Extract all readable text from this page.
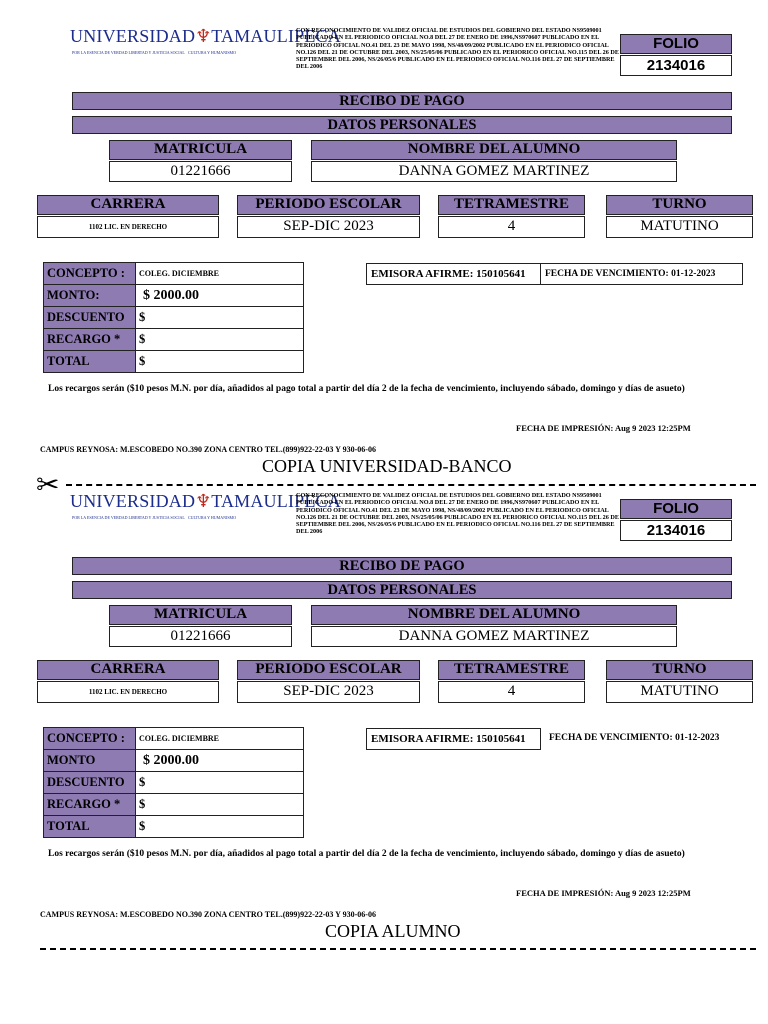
UNIVERSIDAD♆TAMAULIPECA
POR LA ESENCIA DE VERDAD LIBERTAD Y JUSTICIA SOCIAL CULTURA Y HUMANISMO
CON RECONOCIMIENTO DE VALIDEZ OFICIAL DE ESTUDIOS DEL GOBIERNO DEL ESTADO NS9509001 PUBLICADO EN EL PERIODICO OFICIAL NO.8 DEL 27 DE ENERO DE 1996,NS970607 PUBLICADO EN EL PERIODICO OFICIAL NO.41 DEL 23 DE MAYO 1998, NS/48/09/2002 PUBLICADO EN EL PERIODICO OFICIAL NO.126 DEL 21 DE OCTUBRE DEL 2003, NS/25/05/06 PUBLICADO EN EL PERIORICO OFICIAL NO.115 DEL 26 DE SEPTIEMBRE DEL 2006, NS/26/05/6 PUBLICADO EN EL PERIODICO OFICIAL NO.116 DEL 27 DE SEPTIEMBRE DEL 2006
FOLIO
2134016
RECIBO DE PAGO
DATOS PERSONALES
MATRICULA
01221666
NOMBRE DEL ALUMNO
DANNA GOMEZ MARTINEZ
CARRERA
1102 LIC. EN DERECHO
PERIODO ESCOLAR
SEP-DIC 2023
TETRAMESTRE
4
TURNO
MATUTINO
CONCEPTO :	COLEG. DICIEMBRE
MONTO:	$ 2000.00
DESCUENTO	$
RECARGO *	$
TOTAL	$
EMISORA AFIRME: 150105641	FECHA DE VENCIMIENTO: 01-12-2023
Los recargos serán ($10 pesos M.N. por día, añadidos al pago total a partir del día 2 de la fecha de vencimiento, incluyendo sábado, domingo y días de asueto)
FECHA DE IMPRESIÓN: Aug 9 2023 12:25PM
CAMPUS REYNOSA: M.ESCOBEDO NO.390 ZONA CENTRO TEL.(899)922-22-03 Y 930-06-06
COPIA UNIVERSIDAD-BANCO
✂ UNIVERSIDAD♆TAMAULIPECA
POR LA ESENCIA DE VERDAD LIBERTAD Y JUSTICIA SOCIAL CULTURA Y HUMANISMO
CON RECONOCIMIENTO DE VALIDEZ OFICIAL DE ESTUDIOS DEL GOBIERNO DEL ESTADO NS9509001 PUBLICADO EN EL PERIODICO OFICIAL NO.8 DEL 27 DE ENERO DE 1996,NS970607 PUBLICADO EN EL PERIODICO OFICIAL NO.41 DEL 23 DE MAYO 1998, NS/48/09/2002 PUBLICADO EN EL PERIODICO OFICIAL NO.126 DEL 21 DE OCTUBRE DEL 2003, NS/25/05/06 PUBLICADO EN EL PERIORICO OFICIAL NO.115 DEL 26 DE SEPTIEMBRE DEL 2006, NS/26/05/6 PUBLICADO EN EL PERIODICO OFICIAL NO.116 DEL 27 DE SEPTIEMBRE DEL 2006
FOLIO
2134016
RECIBO DE PAGO
DATOS PERSONALES
MATRICULA
01221666
NOMBRE DEL ALUMNO
DANNA GOMEZ MARTINEZ
CARRERA
1102 LIC. EN DERECHO
PERIODO ESCOLAR
SEP-DIC 2023
TETRAMESTRE
4
TURNO
MATUTINO
CONCEPTO :	COLEG. DICIEMBRE
MONTO	$ 2000.00
DESCUENTO	$
RECARGO *	$
TOTAL	$
EMISORA AFIRME: 150105641	FECHA DE VENCIMIENTO: 01-12-2023
Los recargos serán ($10 pesos M.N. por día, añadidos al pago total a partir del día 2 de la fecha de vencimiento, incluyendo sábado, domingo y días de asueto)
FECHA DE IMPRESIÓN: Aug 9 2023 12:25PM
CAMPUS REYNOSA: M.ESCOBEDO NO.390 ZONA CENTRO TEL.(899)922-22-03 Y 930-06-06
COPIA ALUMNO
